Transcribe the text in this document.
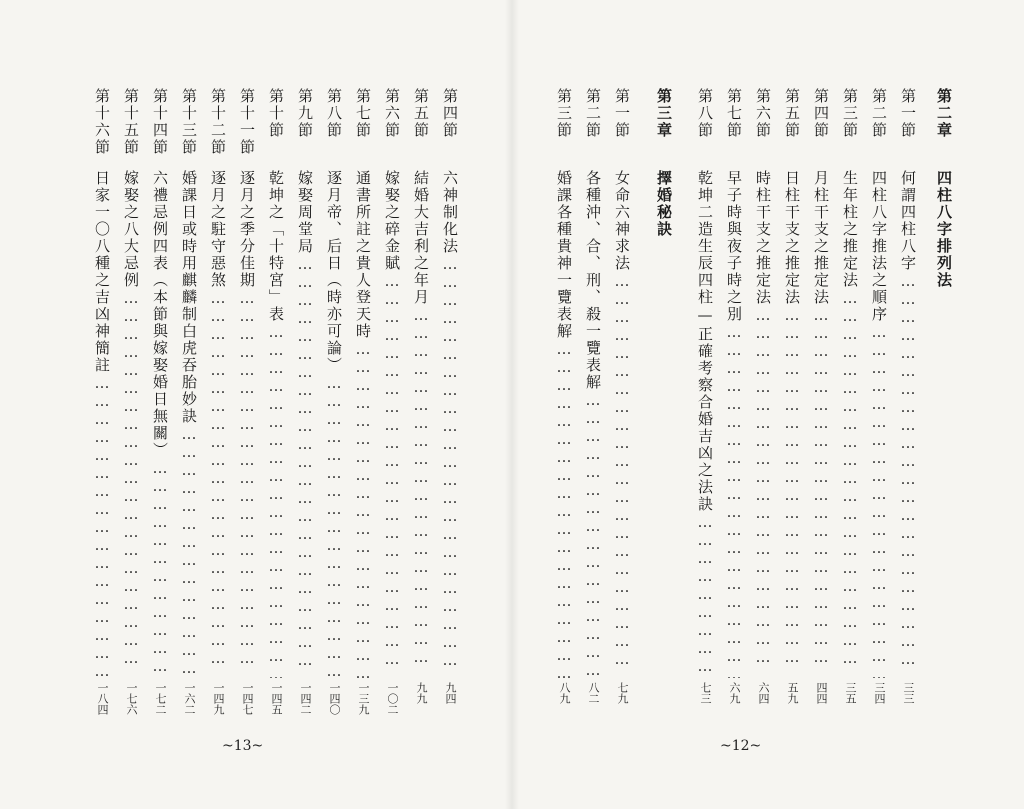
第二章
四柱八字排列法
第一節
何謂四柱八字 …………………………………………………………………………………………………………………………………………
三三
第二節
四柱八字推法之順序 …………………………………………………………………………………………………………………………………………
三四
第三節
生年柱之推定法 …………………………………………………………………………………………………………………………………………
三五
第四節
月柱干支之推定法 …………………………………………………………………………………………………………………………………………
四四
第五節
日柱干支之推定法 …………………………………………………………………………………………………………………………………………
五九
第六節
時柱干支之推定法 …………………………………………………………………………………………………………………………………………
六四
第七節
早子時與夜子時之別 …………………………………………………………………………………………………………………………………………
六九
第八節
乾坤二造生辰四柱—正確考察合婚吉凶之法訣 …………………………………………………………………………………………………………………………………………
七三
第三章
擇婚秘訣
第一節
女命六神求法 …………………………………………………………………………………………………………………………………………
七九
第二節
各種沖、合、刑、殺一覽表解 …………………………………………………………………………………………………………………………………………
八二
第三節
婚課各種貴神一覽表解 …………………………………………………………………………………………………………………………………………
八九
~12~
第四節
六神制化法 …………………………………………………………………………………………………………………………………………
九四
第五節
結婚大吉利之年月 …………………………………………………………………………………………………………………………………………
九九
第六節
嫁娶之碎金賦 …………………………………………………………………………………………………………………………………………
一〇二
第七節
通書所註之貴人登天時 …………………………………………………………………………………………………………………………………………
一三九
第八節
逐月帝、后日（時亦可論） …………………………………………………………………………………………………………………………………………
一四〇
第九節
嫁娶周堂局 …………………………………………………………………………………………………………………………………………
一四二
第十節
乾坤之「十特宮」表 …………………………………………………………………………………………………………………………………………
一四五
第十一節
逐月之季分佳期 …………………………………………………………………………………………………………………………………………
一四七
第十二節
逐月之駐守惡煞 …………………………………………………………………………………………………………………………………………
一四九
第十三節
婚課日或時用麒麟制白虎吞胎妙訣 …………………………………………………………………………………………………………………………………………
一六二
第十四節
六禮忌例四表（本節與嫁娶婚日無關） …………………………………………………………………………………………………………………………………………
一七二
第十五節
嫁娶之八大忌例 …………………………………………………………………………………………………………………………………………
一七六
第十六節
日家一〇八種之吉凶神簡註 …………………………………………………………………………………………………………………………………………
一八四
~13~
